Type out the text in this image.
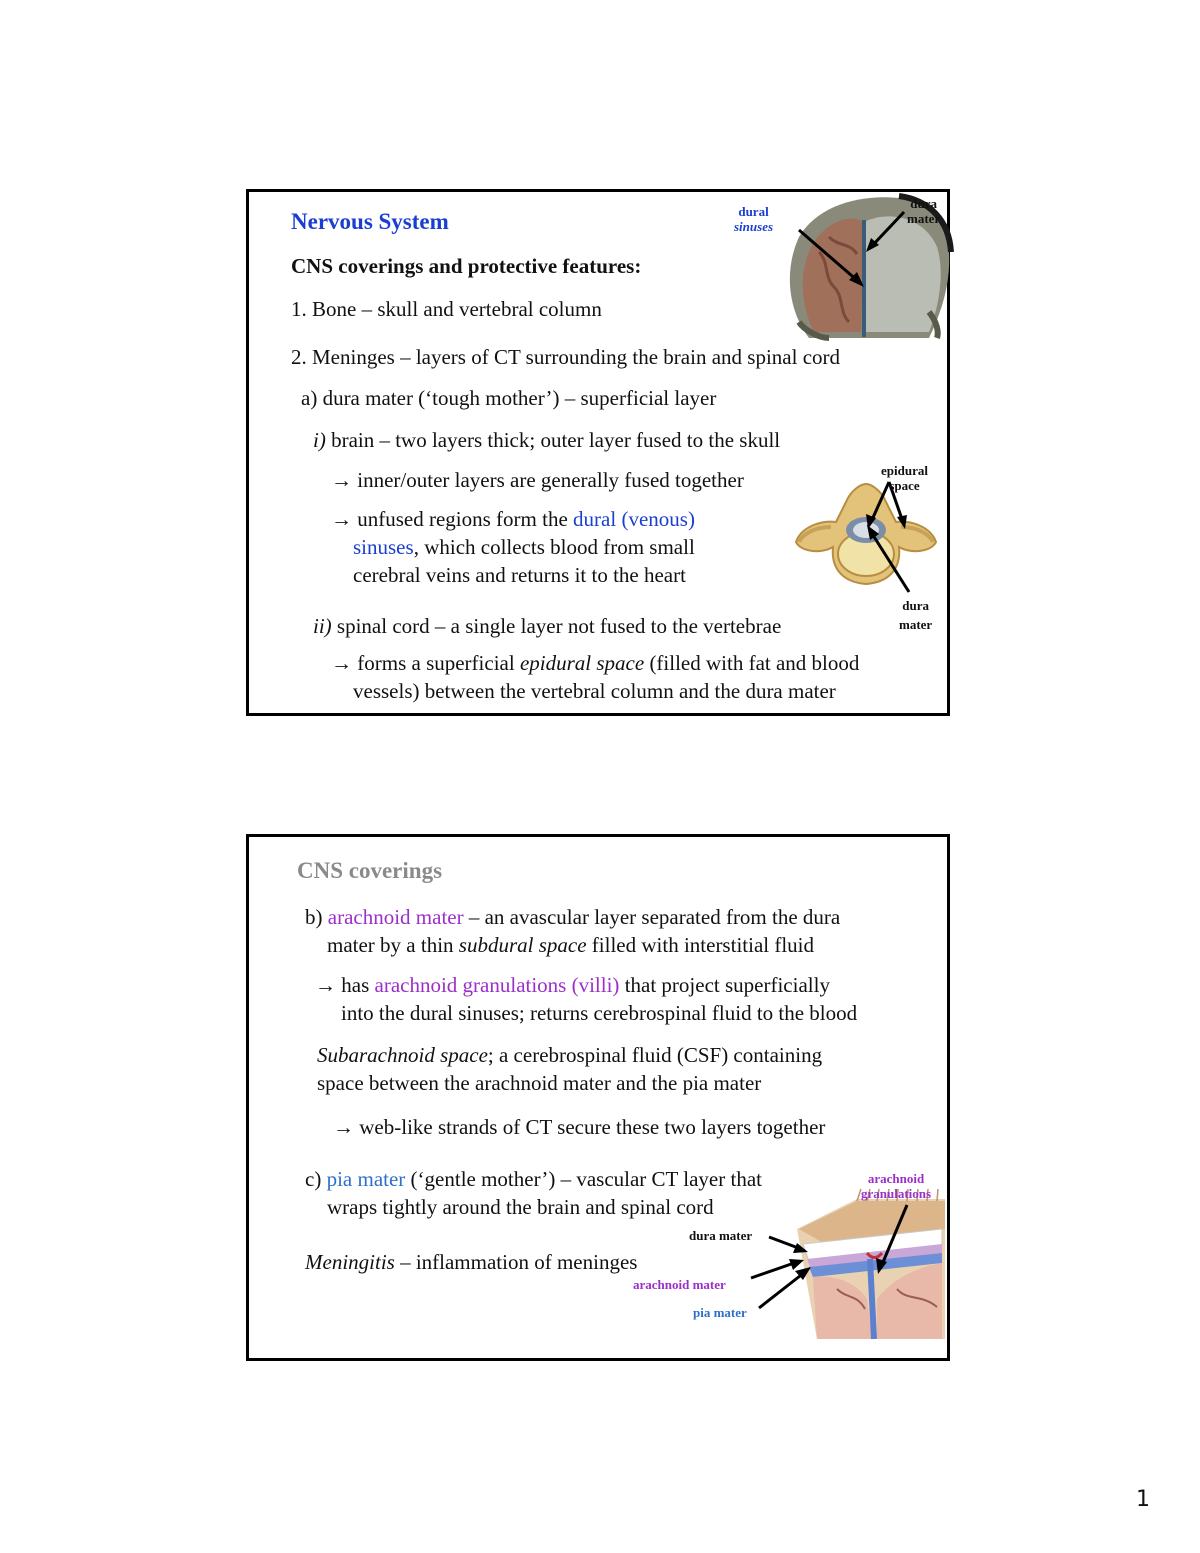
Nervous System
CNS coverings and protective features:
1. Bone – skull and vertebral column
2. Meninges – layers of CT surrounding the brain and spinal cord
a) dura mater (‘tough mother’) – superficial layer
i) brain – two layers thick; outer layer fused to the skull
→ inner/outer layers are generally fused together
→ unfused regions form the dural (venous)
sinuses, which collects blood from small
cerebral veins and returns it to the heart
ii) spinal cord – a single layer not fused to the vertebrae
→ forms a superficial epidural space (filled with fat and blood
vessels) between the vertebral column and the dura mater
dural
sinuses
dura
mater
epidural
space
dura
mater
CNS coverings
b) arachnoid mater – an avascular layer separated from the dura
mater by a thin subdural space filled with interstitial fluid
→ has arachnoid granulations (villi) that project superficially
into the dural sinuses; returns cerebrospinal fluid to the blood
Subarachnoid space; a cerebrospinal fluid (CSF) containing
space between the arachnoid mater and the pia mater
→ web-like strands of CT secure these two layers together
c) pia mater (‘gentle mother’) – vascular CT layer that
wraps tightly around the brain and spinal cord
Meningitis – inflammation of meninges
arachnoid
granulations
dura mater
arachnoid mater
pia mater
1
